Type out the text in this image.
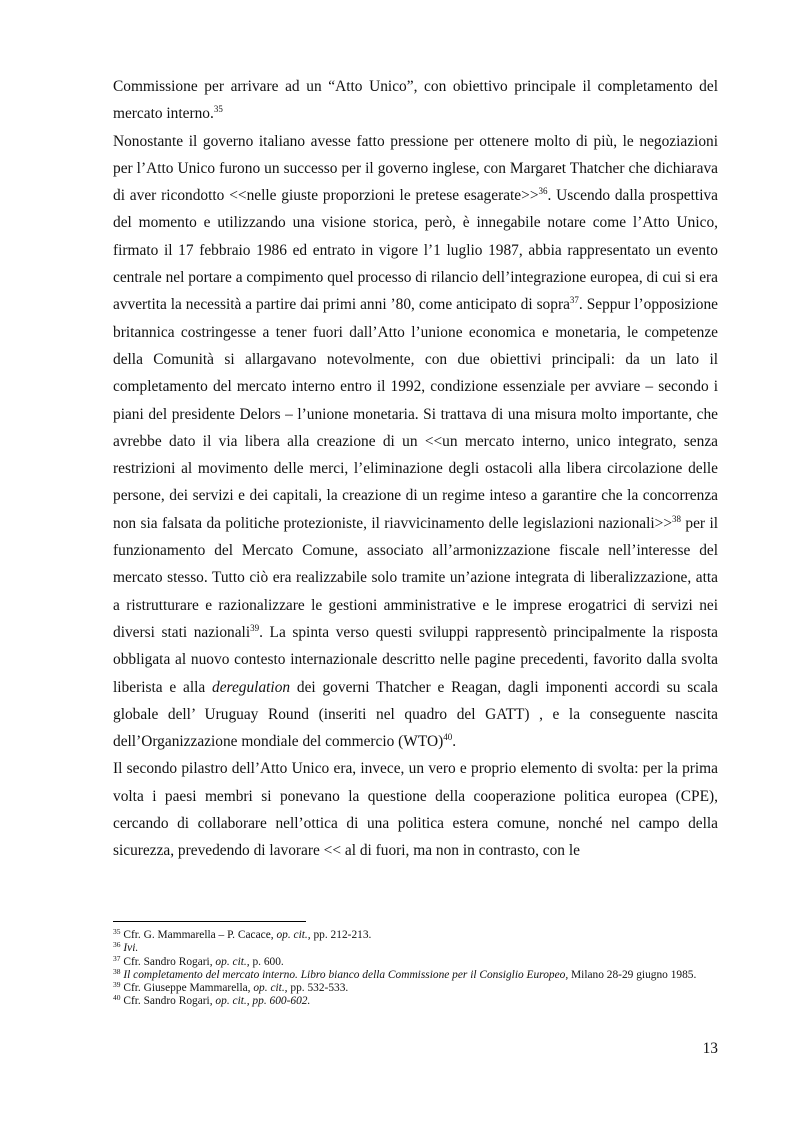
Commissione per arrivare ad un “Atto Unico”, con obiettivo principale il completamento del mercato interno.$^{35}$

Nonostante il governo italiano avesse fatto pressione per ottenere molto di più, le negoziazioni per l’Atto Unico furono un successo per il governo inglese, con Margaret Thatcher che dichiarava di aver ricondotto <<nelle giuste proporzioni le pretese esagerate>>$^{36}$. Uscendo dalla prospettiva del momento e utilizzando una visione storica, però, è innegabile notare come l’Atto Unico, firmato il 17 febbraio 1986 ed entrato in vigore l’1 luglio 1987, abbia rappresentato un evento centrale nel portare a compimento quel processo di rilancio dell’integrazione europea, di cui si era avvertita la necessità a partire dai primi anni ’80, come anticipato di sopra$^{37}$. Seppur l’opposizione britannica costringesse a tener fuori dall’Atto l’unione economica e monetaria, le competenze della Comunità si allargavano notevolmente, con due obiettivi principali: da un lato il completamento del mercato interno entro il 1992, condizione essenziale per avviare – secondo i piani del presidente Delors – l’unione monetaria. Si trattava di una misura molto importante, che avrebbe dato il via libera alla creazione di un <<un mercato interno, unico integrato, senza restrizioni al movimento delle merci, l’eliminazione degli ostacoli alla libera circolazione delle persone, dei servizi e dei capitali, la creazione di un regime inteso a garantire che la concorrenza non sia falsata da politiche protezioniste, il riavvicinamento delle legislazioni nazionali>>$^{38}$ per il funzionamento del Mercato Comune, associato all’armonizzazione fiscale nell’interesse del mercato stesso. Tutto ciò era realizzabile solo tramite un’azione integrata di liberalizzazione, atta a ristrutturare e razionalizzare le gestioni amministrative e le imprese erogatrici di servizi nei diversi stati nazionali$^{39}$. La spinta verso questi sviluppi rappresentò principalmente la risposta obbligata al nuovo contesto internazionale descritto nelle pagine precedenti, favorito dalla svolta liberista e alla deregulation dei governi Thatcher e Reagan, dagli imponenti accordi su scala globale dell’ Uruguay Round (inseriti nel quadro del GATT) , e la conseguente nascita dell’Organizzazione mondiale del commercio (WTO)$^{40}$.

Il secondo pilastro dell’Atto Unico era, invece, un vero e proprio elemento di svolta: per la prima volta i paesi membri si ponevano la questione della cooperazione politica europea (CPE), cercando di collaborare nell’ottica di una politica estera comune, nonché nel campo della sicurezza, prevedendo di lavorare << al di fuori, ma non in contrasto, con le

$^{35}$ Cfr. G. Mammarella – P. Cacace, op. cit., pp. 212-213.

$^{36}$ Ivi.

$^{37}$ Cfr. Sandro Rogari, op. cit., p. 600.

$^{38}$ Il completamento del mercato interno. Libro bianco della Commissione per il Consiglio Europeo, Milano 28-29 giugno 1985.

$^{39}$ Cfr. Giuseppe Mammarella, op. cit., pp. 532-533.

$^{40}$ Cfr. Sandro Rogari, op. cit., pp. 600-602.

13
